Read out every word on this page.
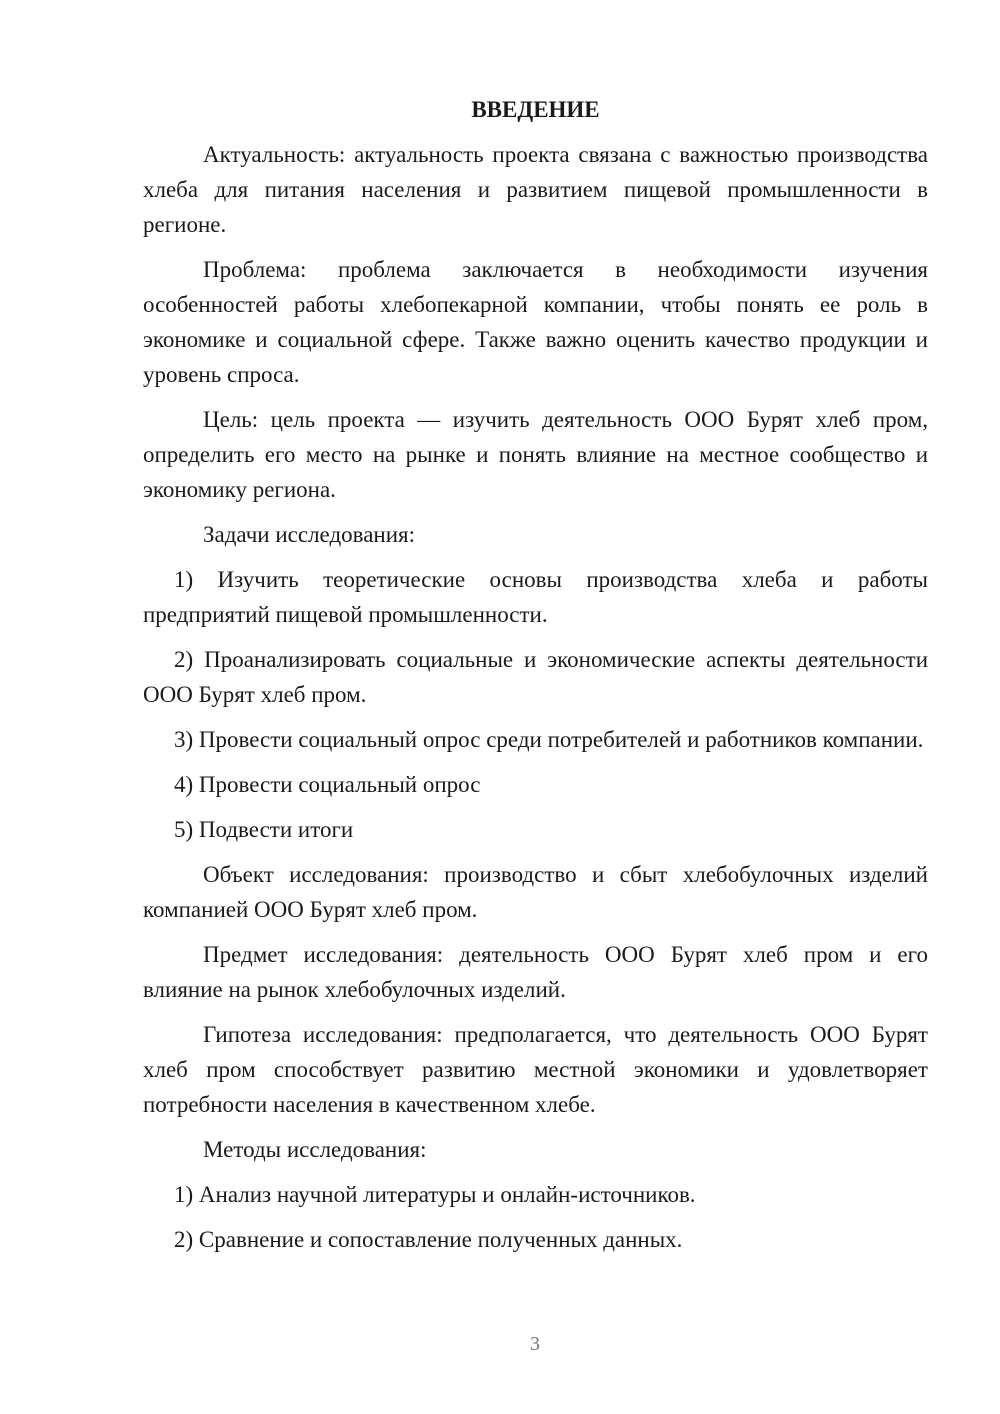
ВВЕДЕНИЕ

Актуальность: актуальность проекта связана с важностью производства хлеба для питания населения и развитием пищевой промышленности в регионе.

Проблема: проблема заключается в необходимости изучения особенностей работы хлебопекарной компании, чтобы понять ее роль в экономике и социальной сфере. Также важно оценить качество продукции и уровень спроса.

Цель: цель проекта — изучить деятельность ООО Бурят хлеб пром, определить его место на рынке и понять влияние на местное сообщество и экономику региона.

Задачи исследования:

1) Изучить теоретические основы производства хлеба и работы предприятий пищевой промышленности.

2) Проанализировать социальные и экономические аспекты деятельности ООО Бурят хлеб пром.

3) Провести социальный опрос среди потребителей и работников компании.

4) Провести социальный опрос

5) Подвести итоги

Объект исследования: производство и сбыт хлебобулочных изделий компанией ООО Бурят хлеб пром.

Предмет исследования: деятельность ООО Бурят хлеб пром и его влияние на рынок хлебобулочных изделий.

Гипотеза исследования: предполагается, что деятельность ООО Бурят хлеб пром способствует развитию местной экономики и удовлетворяет потребности населения в качественном хлебе.

Методы исследования:

1) Анализ научной литературы и онлайн-источников.

2) Сравнение и сопоставление полученных данных.

3
